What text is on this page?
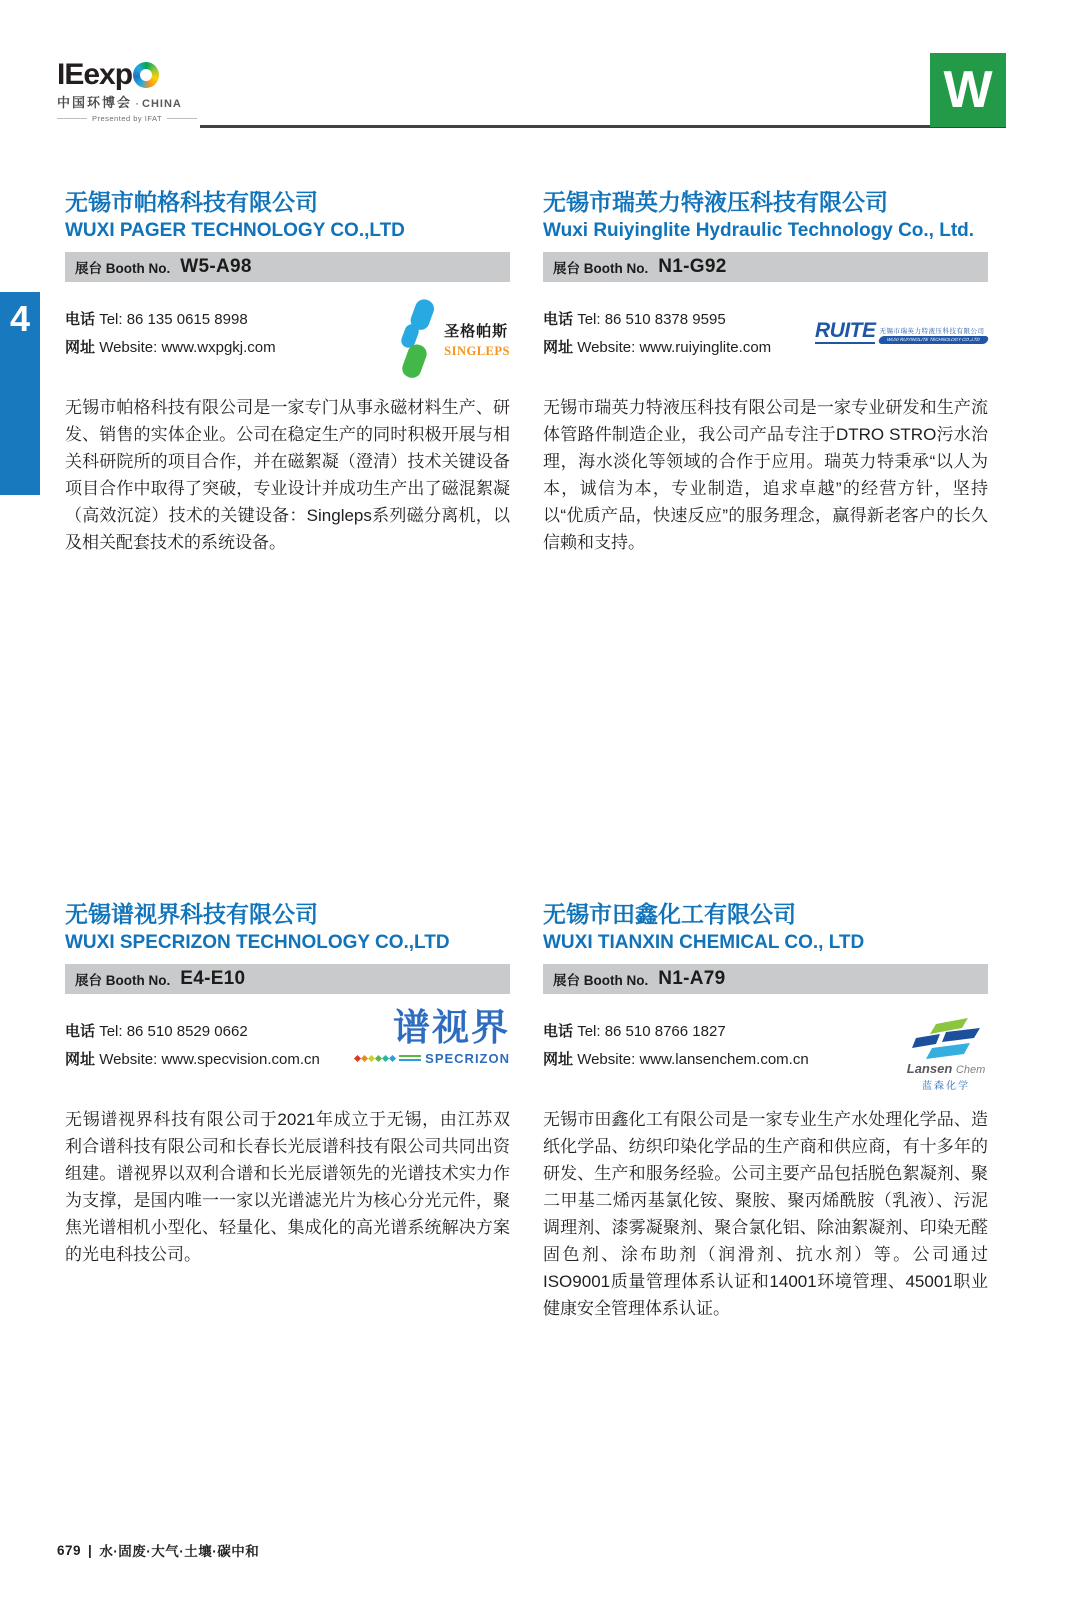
IEexp
中国环博会 · CHINA
Presented by IFAT	W
4
无锡市帕格科技有限公司
WUXI PAGER TECHNOLOGY CO.,LTD
展台 Booth No. W5-A98
电话 Tel: 86 135 0615 8998
网址 Website: www.wxpgkj.com
圣格帕斯
SINGLEPS

无锡市帕格科技有限公司是一家专门从事永磁材料生产、研发、销售的实体企业。公司在稳定生产的同时积极开展与相关科研院所的项目合作，并在磁絮凝（澄清）技术关键设备项目合作中取得了突破，专业设计并成功生产出了磁混絮凝（高效沉淀）技术的关键设备：Singleps系列磁分离机，以及相关配套技术的系统设备。

无锡市瑞英力特液压科技有限公司
Wuxi Ruiyinglite Hydraulic Technology Co., Ltd.
展台 Booth No. N1-G92
电话 Tel: 86 510 8378 9595
网址 Website: www.ruiyinglite.com
RUITE 无锡市瑞英力特液压科技有限公司
WUXI RUIYINGLITE TECHNOLOGY CO.,LTD

无锡市瑞英力特液压科技有限公司是一家专业研发和生产流体管路件制造企业，我公司产品专注于DTRO STRO污水治理，海水淡化等领域的合作于应用。瑞英力特秉承“以人为本，诚信为本，专业制造，追求卓越”的经营方针，坚持以“优质产品，快速反应”的服务理念，赢得新老客户的长久信赖和支持。

无锡谱视界科技有限公司
WUXI SPECRIZON TECHNOLOGY CO.,LTD
展台 Booth No. E4-E10
电话 Tel: 86 510 8529 0662
网址 Website: www.specvision.com.cn
谱视界
SPECRIZON

无锡谱视界科技有限公司于2021年成立于无锡，由江苏双利合谱科技有限公司和长春长光辰谱科技有限公司共同出资组建。谱视界以双利合谱和长光辰谱领先的光谱技术实力作为支撑，是国内唯一一家以光谱滤光片为核心分光元件，聚焦光谱相机小型化、轻量化、集成化的高光谱系统解决方案的光电科技公司。

无锡市田鑫化工有限公司
WUXI TIANXIN CHEMICAL CO., LTD
展台 Booth No. N1-A79
电话 Tel: 86 510 8766 1827
网址 Website: www.lansenchem.com.cn
Lansen Chem
蓝森化学

无锡市田鑫化工有限公司是一家专业生产水处理化学品、造纸化学品、纺织印染化学品的生产商和供应商，有十多年的研发、生产和服务经验。公司主要产品包括脱色絮凝剂、聚二甲基二烯丙基氯化铵、聚胺、聚丙烯酰胺（乳液）、污泥调理剂、漆雾凝聚剂、聚合氯化铝、除油絮凝剂、印染无醛固色剂、涂布助剂（润滑剂、抗水剂）等。公司通过ISO9001质量管理体系认证和14001环境管理、45001职业健康安全管理体系认证。

679 | 水·固废·大气·土壤·碳中和
